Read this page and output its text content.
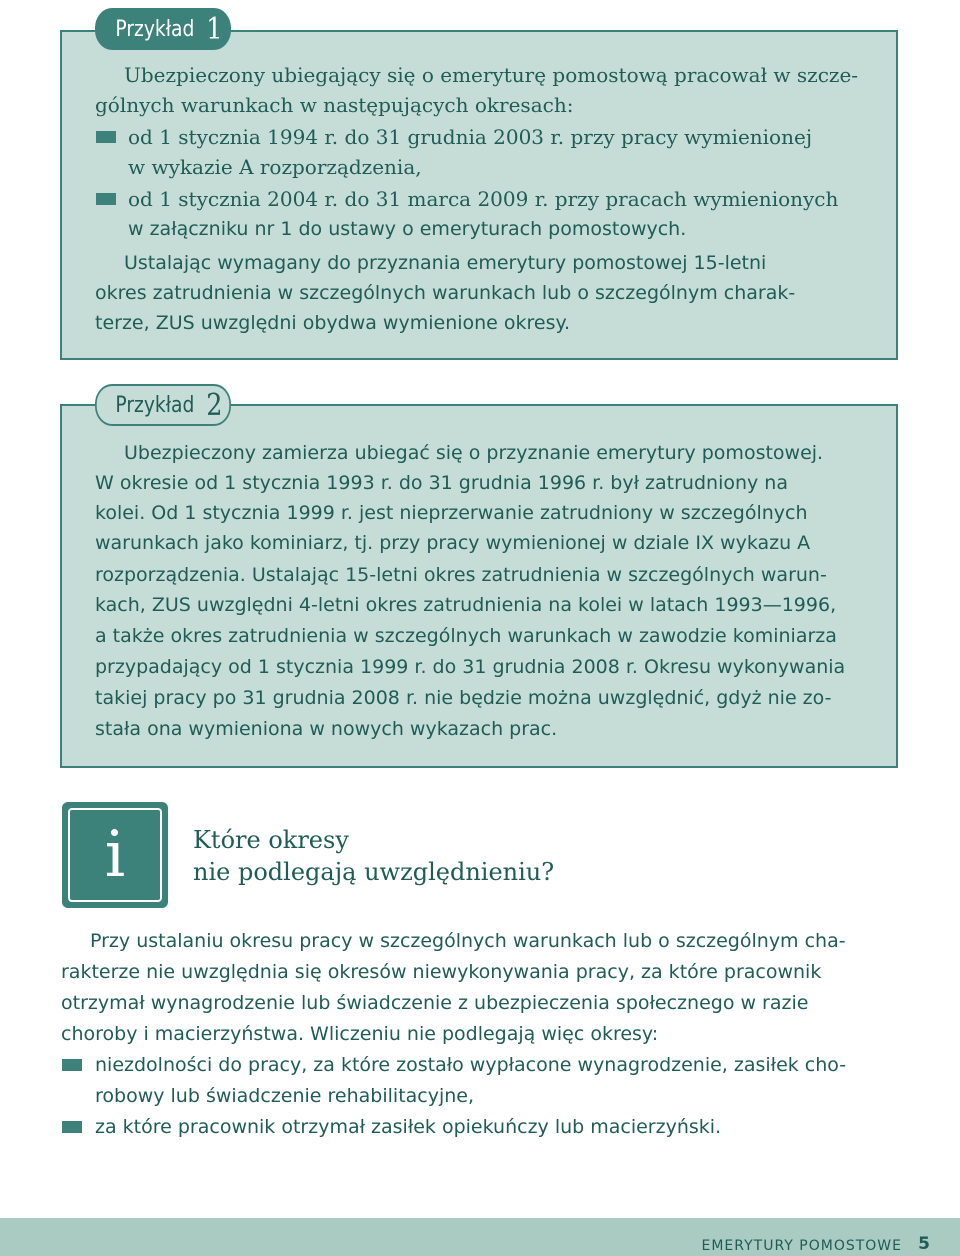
Przykład 1
Ubezpieczony ubiegający się o emeryturę pomostową pracował w szcze-
gólnych warunkach w następujących okresach:
od 1 stycznia 1994 r. do 31 grudnia 2003 r. przy pracy wymienionej
w wykazie A rozporządzenia,
od 1 stycznia 2004 r. do 31 marca 2009 r. przy pracach wymienionych
w załączniku nr 1 do ustawy o emeryturach pomostowych.
Ustalając wymagany do przyznania emerytury pomostowej 15-letni
okres zatrudnienia w szczególnych warunkach lub o szczególnym charak-
terze, ZUS uwzględni obydwa wymienione okresy.
Przykład 2
Ubezpieczony zamierza ubiegać się o przyznanie emerytury pomostowej.
W okresie od 1 stycznia 1993 r. do 31 grudnia 1996 r. był zatrudniony na
kolei. Od 1 stycznia 1999 r. jest nieprzerwanie zatrudniony w szczególnych
warunkach jako kominiarz, tj. przy pracy wymienionej w dziale IX wykazu A
rozporządzenia. Ustalając 15-letni okres zatrudnienia w szczególnych warun-
kach, ZUS uwzględni 4-letni okres zatrudnienia na kolei w latach 1993—1996,
a także okres zatrudnienia w szczególnych warunkach w zawodzie kominiarza
przypadający od 1 stycznia 1999 r. do 31 grudnia 2008 r. Okresu wykonywania
takiej pracy po 31 grudnia 2008 r. nie będzie można uwzględnić, gdyż nie zo-
stała ona wymieniona w nowych wykazach prac.
i	Które okresy
nie podlegają uwzględnieniu?
Przy ustalaniu okresu pracy w szczególnych warunkach lub o szczególnym cha-
rakterze nie uwzględnia się okresów niewykonywania pracy, za które pracownik
otrzymał wynagrodzenie lub świadczenie z ubezpieczenia społecznego w razie
choroby i macierzyństwa. Wliczeniu nie podlegają więc okresy:
niezdolności do pracy, za które zostało wypłacone wynagrodzenie, zasiłek cho-
robowy lub świadczenie rehabilitacyjne,
za które pracownik otrzymał zasiłek opiekuńczy lub macierzyński.
EMERYTURY POMOSTOWE 5
